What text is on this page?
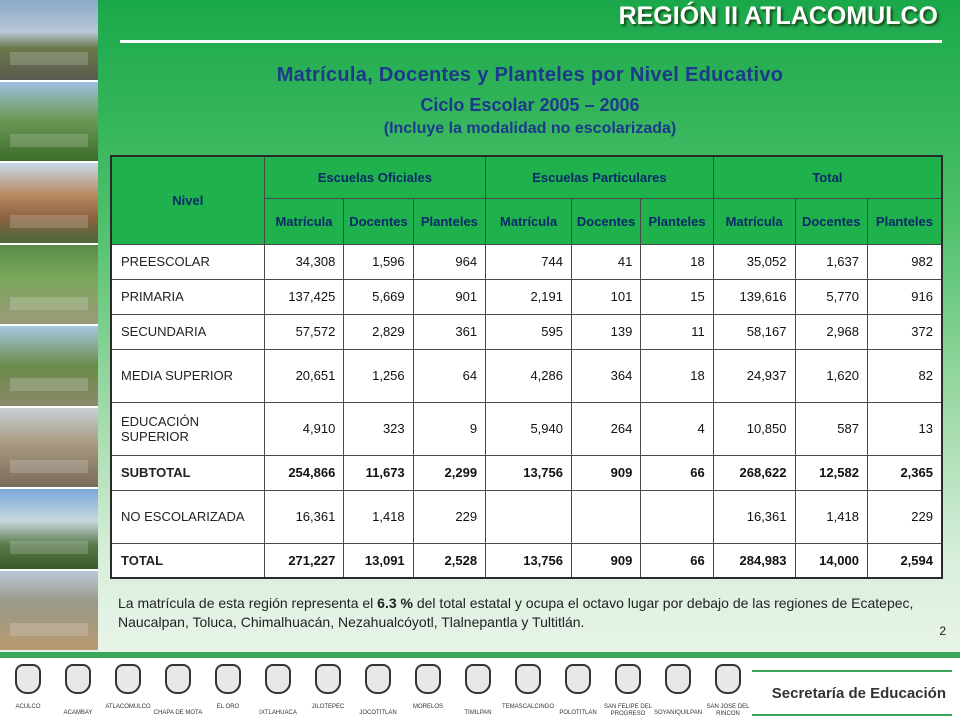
REGIÓN II ATLACOMULCO
Matrícula, Docentes y Planteles por Nivel Educativo
Ciclo Escolar 2005 – 2006
(Incluye la modalidad no escolarizada)
Nivel	Escuelas Oficiales			Escuelas Particulares			Total		
	Matrícula	Docentes	Planteles	Matrícula	Docentes	Planteles	Matrícula	Docentes	Planteles
PREESCOLAR	34,308	1,596	964	744	41	18	35,052	1,637	982
PRIMARIA	137,425	5,669	901	2,191	101	15	139,616	5,770	916
SECUNDARIA	57,572	2,829	361	595	139	11	58,167	2,968	372
MEDIA SUPERIOR	20,651	1,256	64	4,286	364	18	24,937	1,620	82
EDUCACIÓN SUPERIOR	4,910	323	9	5,940	264	4	10,850	587	13
SUBTOTAL	254,866	11,673	2,299	13,756	909	66	268,622	12,582	2,365
NO ESCOLARIZADA	16,361	1,418	229				16,361	1,418	229
TOTAL	271,227	13,091	2,528	13,756	909	66	284,983	14,000	2,594
La matrícula de esta región representa el 6.3 % del total estatal y ocupa el octavo lugar por debajo de las regiones de Ecatepec, Naucalpan, Toluca, Chimalhuacán, Nezahualcóyotl, Tlalnepantla y Tultitlán.
2
ACULCO
ACAMBAY
ATLACOMULCO
CHAPA DE MOTA
EL ORO
IXTLAHUACA
JILOTEPEC
JOCOTITLAN
MORELOS
TIMILPAN
TEMASCALCINGO
POLOTITLAN
SAN FELIPE DEL PROGRESO	SOYANIQUILPAN
SAN JOSE DEL RINCON
Secretaría de Educación
